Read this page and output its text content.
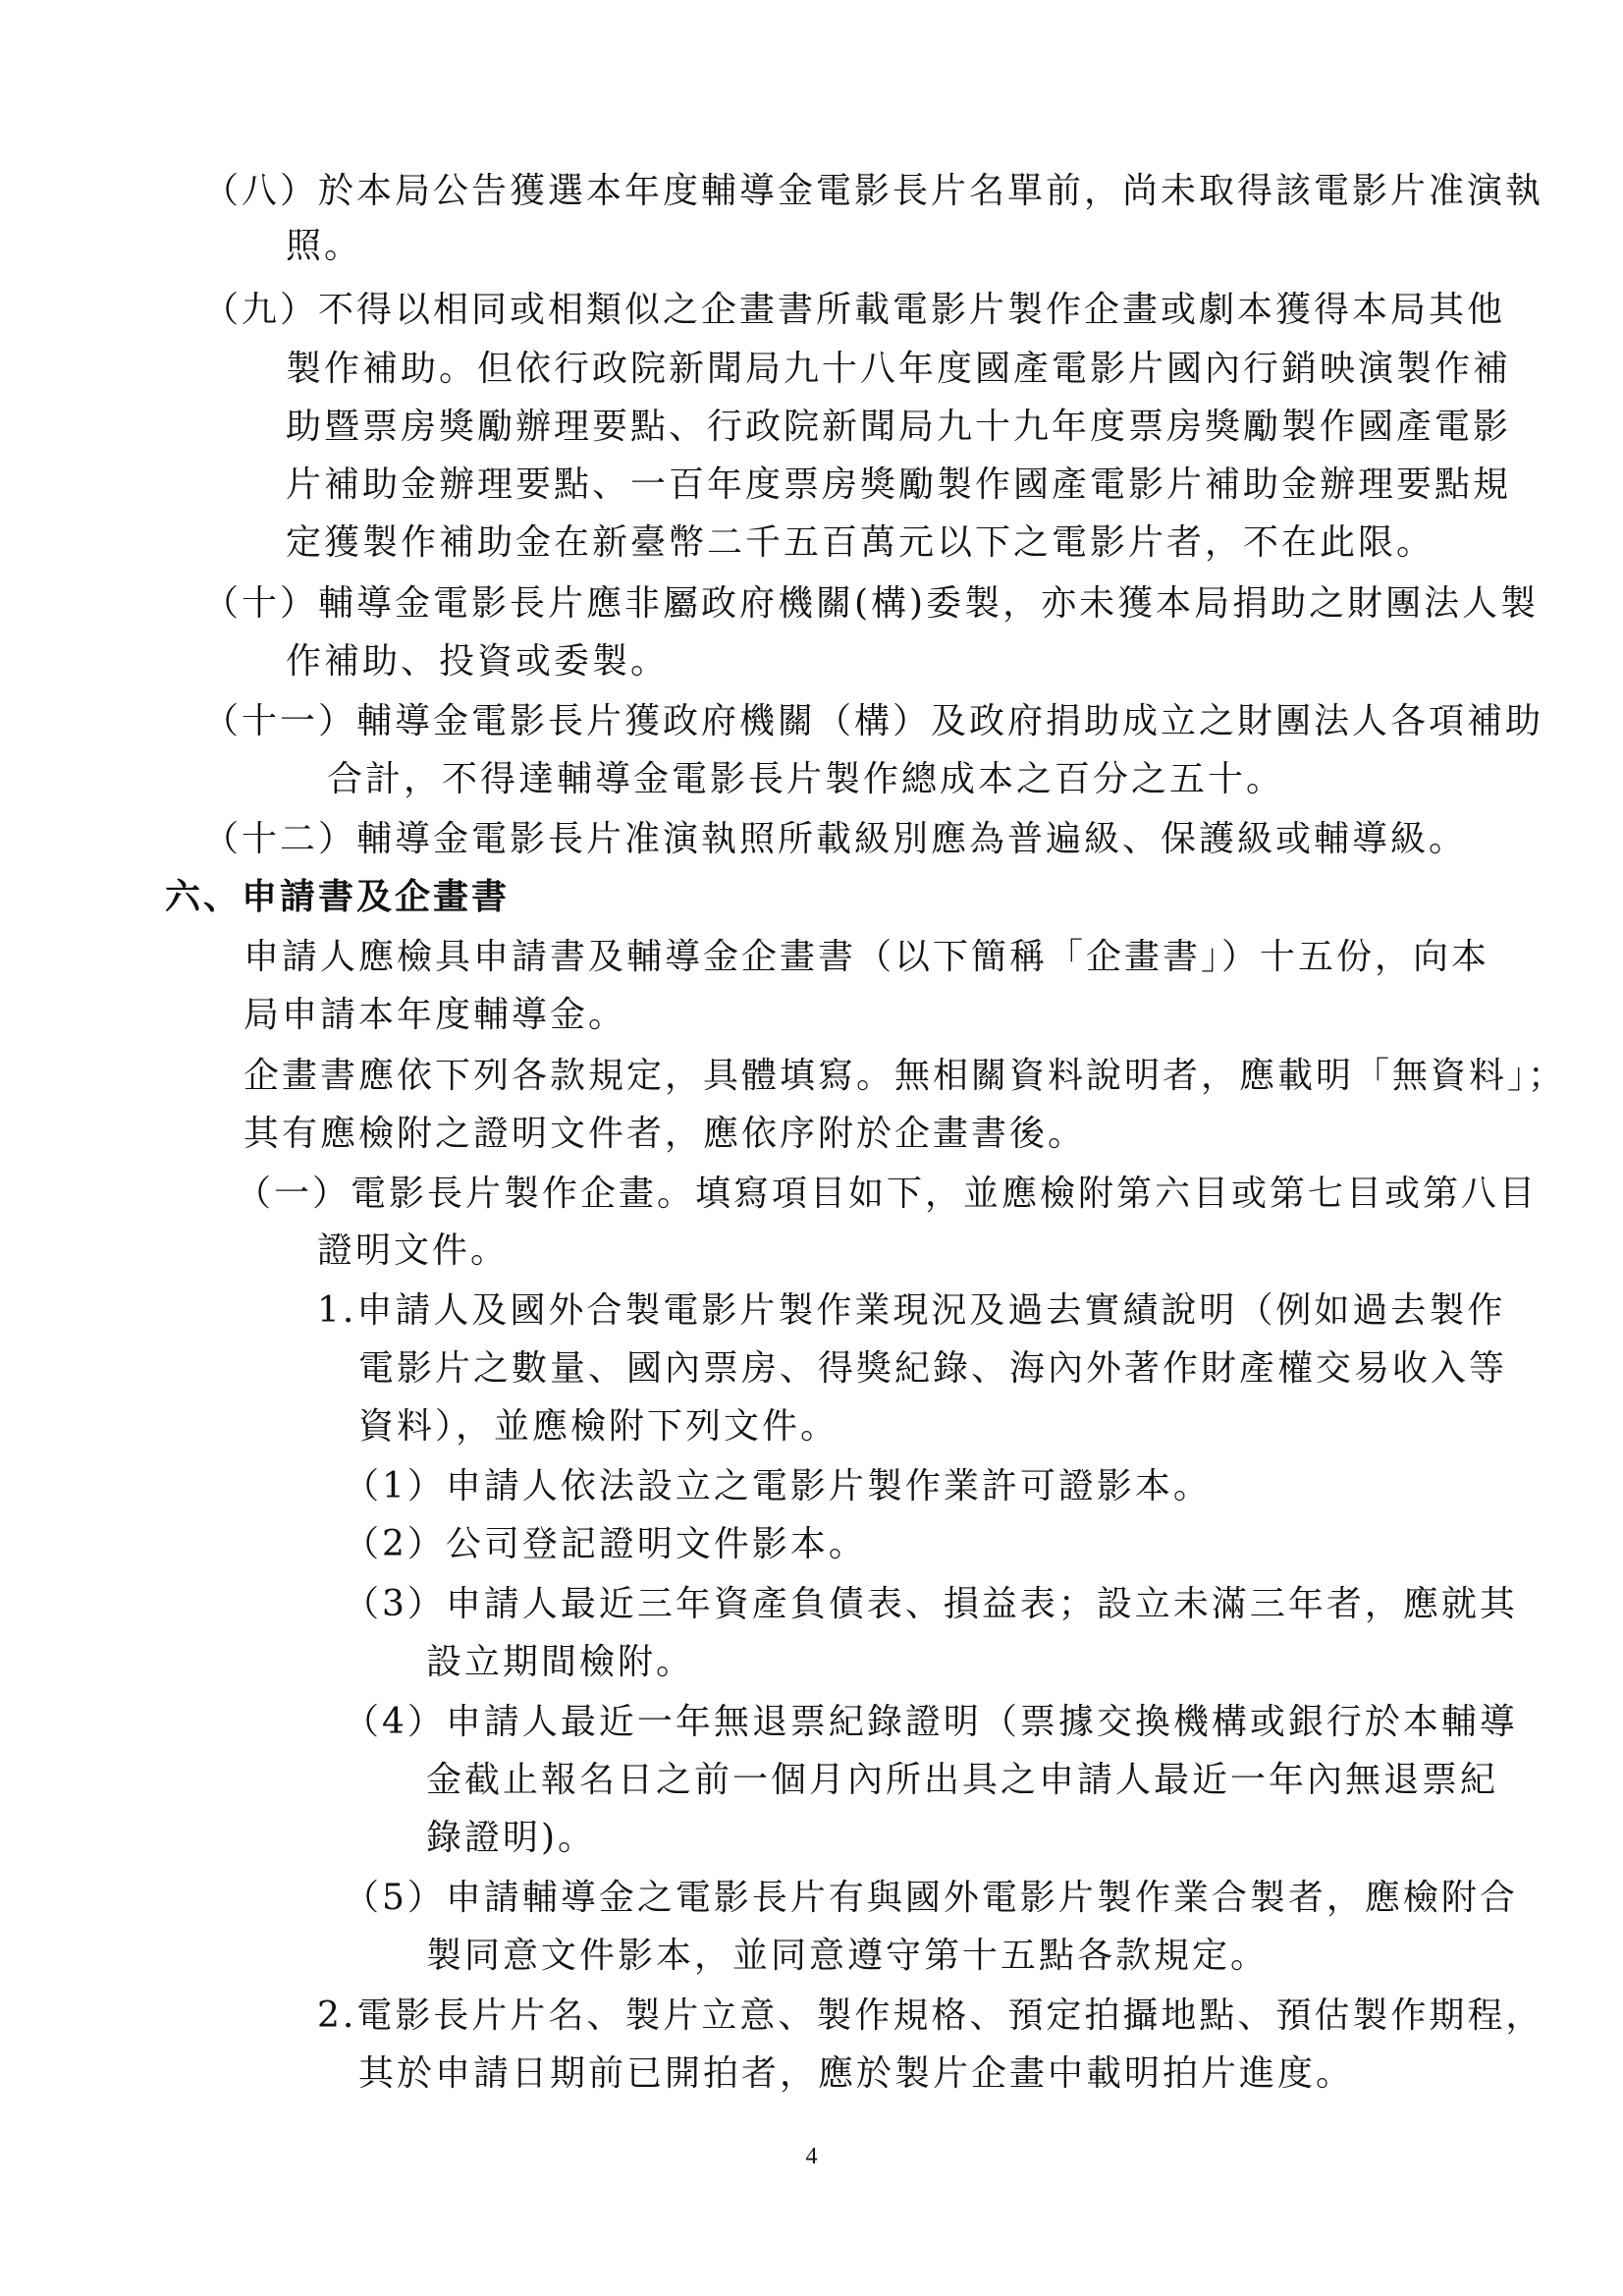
（八）於本局公告獲選本年度輔導金電影長片名單前，尚未取得該電影片准演執
照。
（九）不得以相同或相類似之企畫書所載電影片製作企畫或劇本獲得本局其他
製作補助。但依行政院新聞局九十八年度國產電影片國內行銷映演製作補
助暨票房獎勵辦理要點、行政院新聞局九十九年度票房獎勵製作國產電影
片補助金辦理要點、一百年度票房獎勵製作國產電影片補助金辦理要點規
定獲製作補助金在新臺幣二千五百萬元以下之電影片者，不在此限。
（十）輔導金電影長片應非屬政府機關(構)委製，亦未獲本局捐助之財團法人製
作補助、投資或委製。
（十一）輔導金電影長片獲政府機關（構）及政府捐助成立之財團法人各項補助
合計，不得達輔導金電影長片製作總成本之百分之五十。
（十二）輔導金電影長片准演執照所載級別應為普遍級、保護級或輔導級。
六、申請書及企畫書
申請人應檢具申請書及輔導金企畫書（以下簡稱「企畫書」）十五份，向本
局申請本年度輔導金。
企畫書應依下列各款規定，具體填寫。無相關資料說明者，應載明「無資料」；
其有應檢附之證明文件者，應依序附於企畫書後。
（一）電影長片製作企畫。填寫項目如下，並應檢附第六目或第七目或第八目
證明文件。
1.申請人及國外合製電影片製作業現況及過去實績說明（例如過去製作
電影片之數量、國內票房、得獎紀錄、海內外著作財產權交易收入等
資料），並應檢附下列文件。
（1）申請人依法設立之電影片製作業許可證影本。
（2）公司登記證明文件影本。
（3）申請人最近三年資產負債表、損益表；設立未滿三年者，應就其
設立期間檢附。
（4）申請人最近一年無退票紀錄證明（票據交換機構或銀行於本輔導
金截止報名日之前一個月內所出具之申請人最近一年內無退票紀
錄證明)。
（5）申請輔導金之電影長片有與國外電影片製作業合製者，應檢附合
製同意文件影本，並同意遵守第十五點各款規定。
2.電影長片片名、製片立意、製作規格、預定拍攝地點、預估製作期程，
其於申請日期前已開拍者，應於製片企畫中載明拍片進度。
4
